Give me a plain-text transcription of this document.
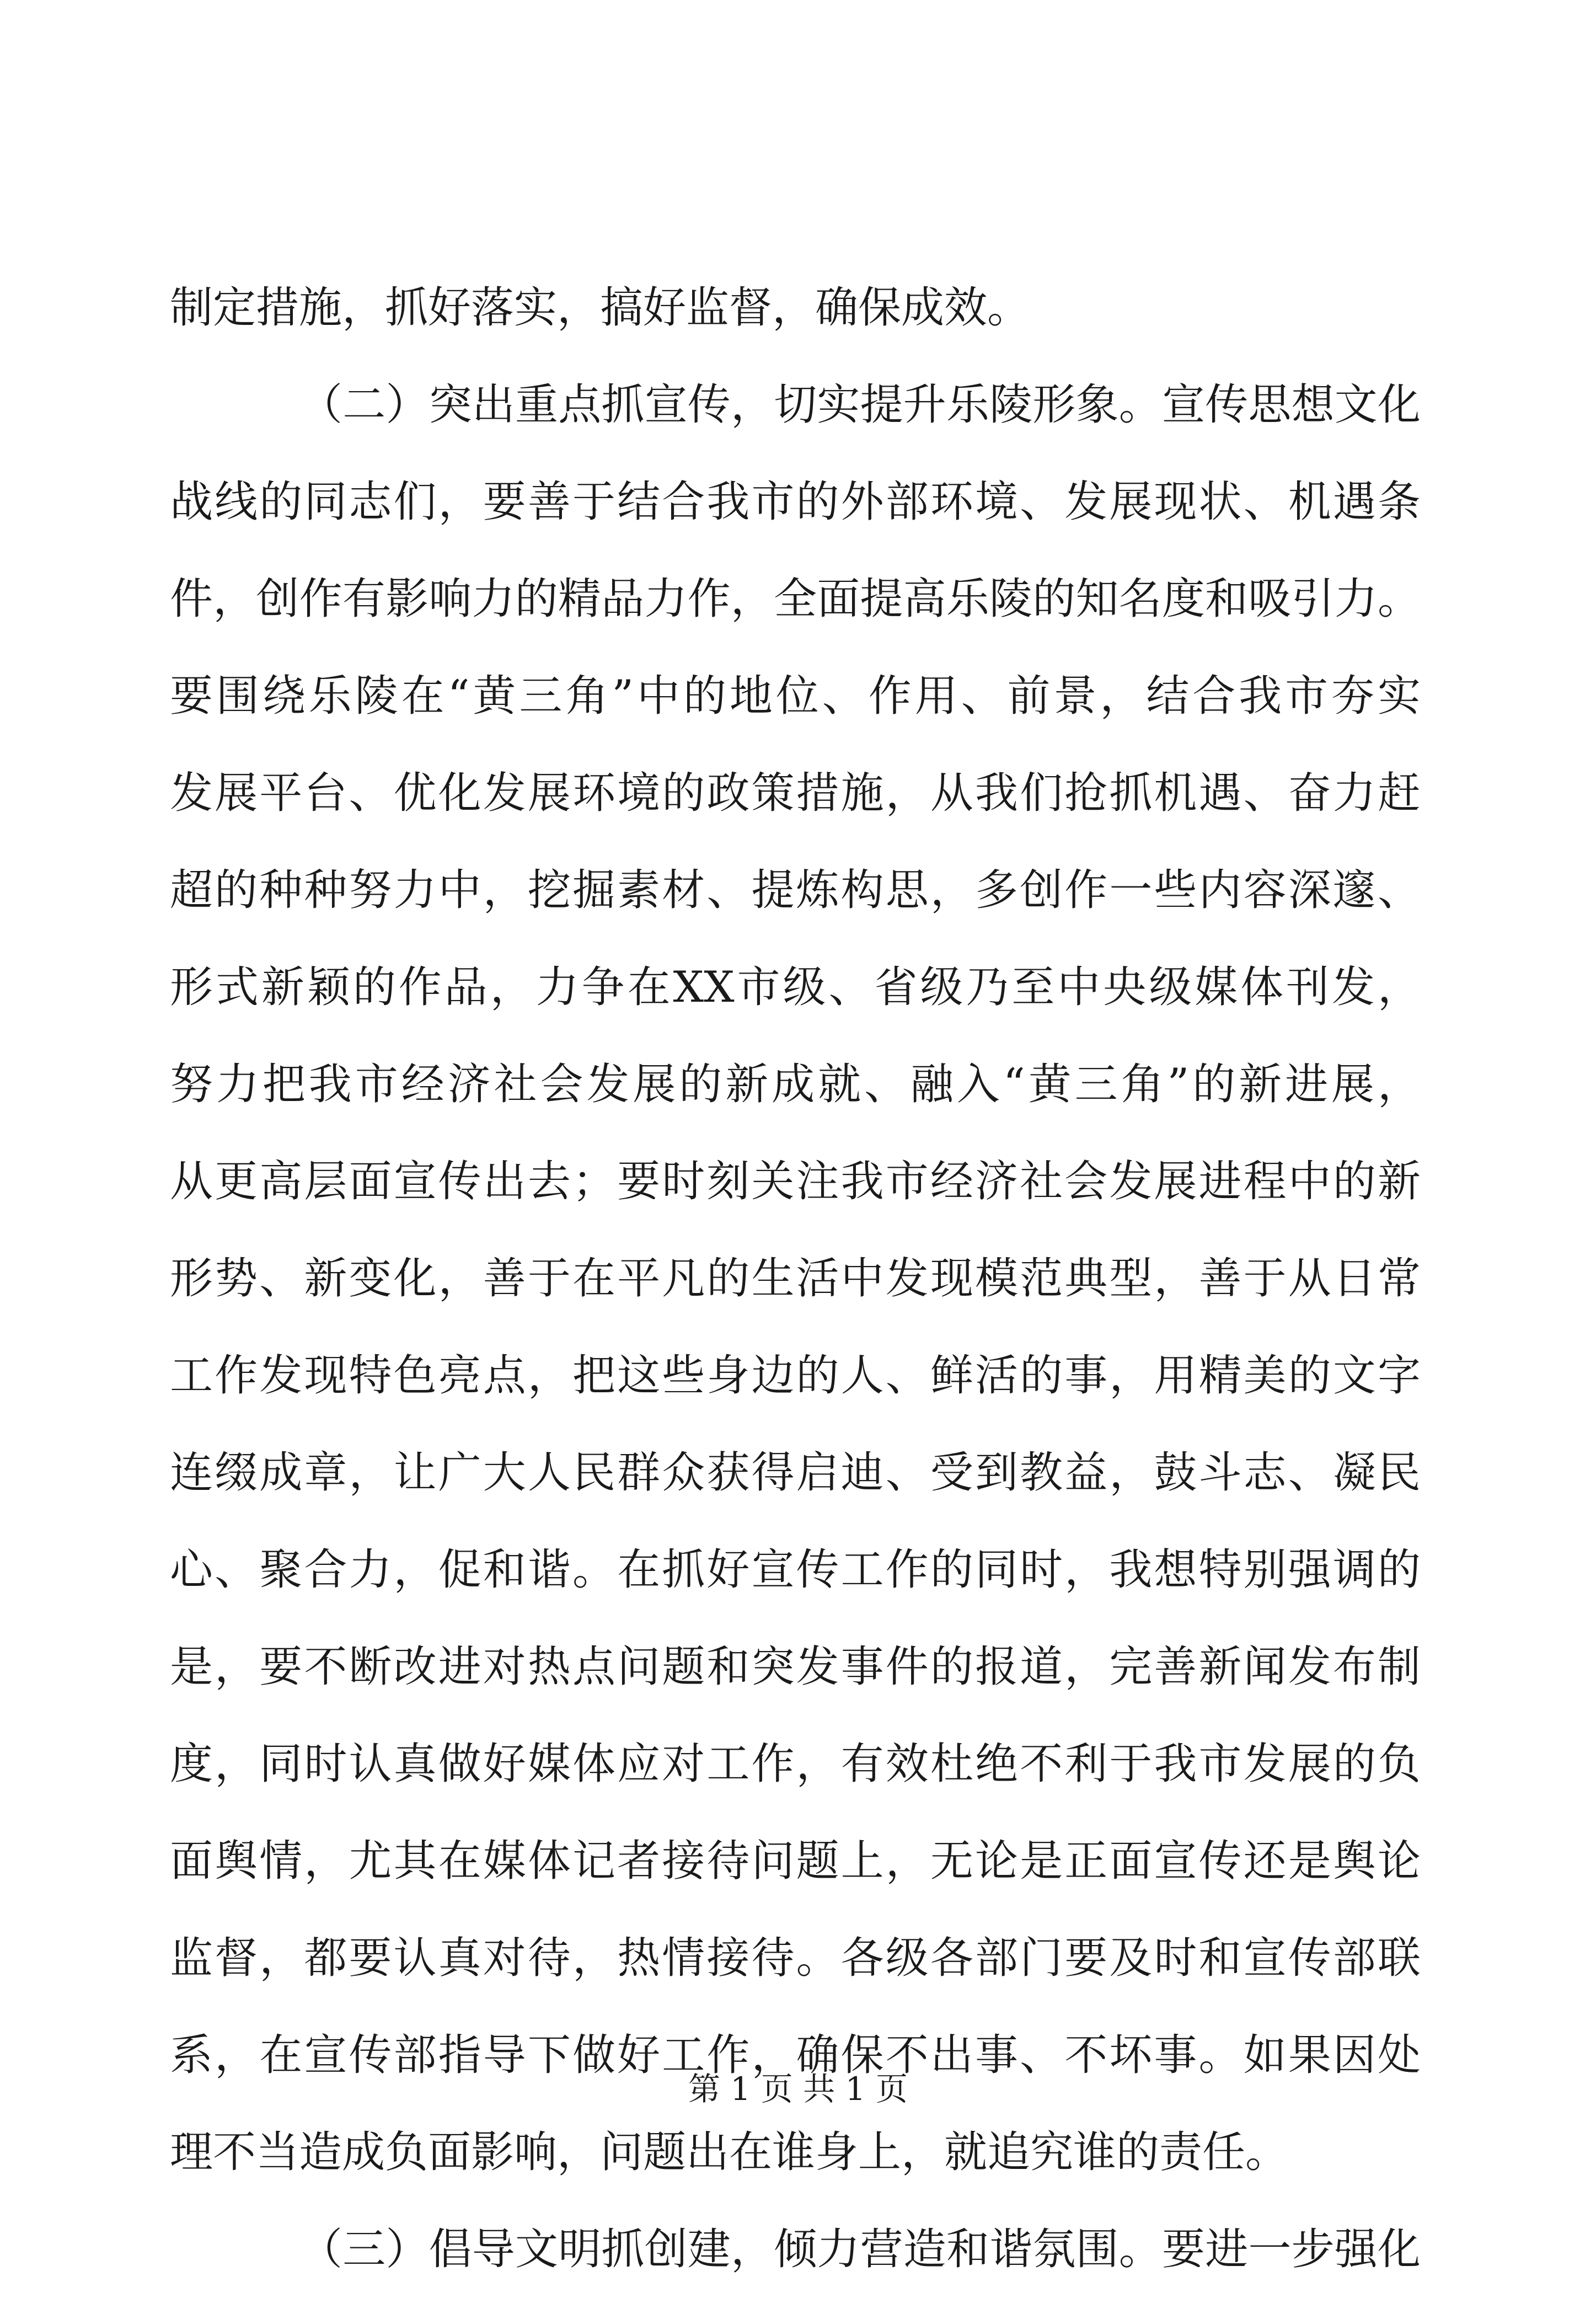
制定措施，抓好落实，搞好监督，确保成效。
（二）突出重点抓宣传，切实提升乐陵形象。宣传思想文化
战线的同志们，要善于结合我市的外部环境、发展现状、机遇条
件，创作有影响力的精品力作，全面提高乐陵的知名度和吸引力。
要围绕乐陵在“黄三角”中的地位、作用、前景，结合我市夯实
发展平台、优化发展环境的政策措施，从我们抢抓机遇、奋力赶
超的种种努力中，挖掘素材、提炼构思，多创作一些内容深邃、
形式新颖的作品，力争在XX市级、省级乃至中央级媒体刊发，
努力把我市经济社会发展的新成就、融入“黄三角”的新进展，
从更高层面宣传出去；要时刻关注我市经济社会发展进程中的新
形势、新变化，善于在平凡的生活中发现模范典型，善于从日常
工作发现特色亮点，把这些身边的人、鲜活的事，用精美的文字
连缀成章，让广大人民群众获得启迪、受到教益，鼓斗志、凝民
心、聚合力，促和谐。在抓好宣传工作的同时，我想特别强调的
是，要不断改进对热点问题和突发事件的报道，完善新闻发布制
度，同时认真做好媒体应对工作，有效杜绝不利于我市发展的负
面舆情，尤其在媒体记者接待问题上，无论是正面宣传还是舆论
监督，都要认真对待，热情接待。各级各部门要及时和宣传部联
系，在宣传部指导下做好工作，确保不出事、不坏事。如果因处
理不当造成负面影响，问题出在谁身上，就追究谁的责任。
（三）倡导文明抓创建，倾力营造和谐氛围。要进一步强化
第 1 页 共 1 页
